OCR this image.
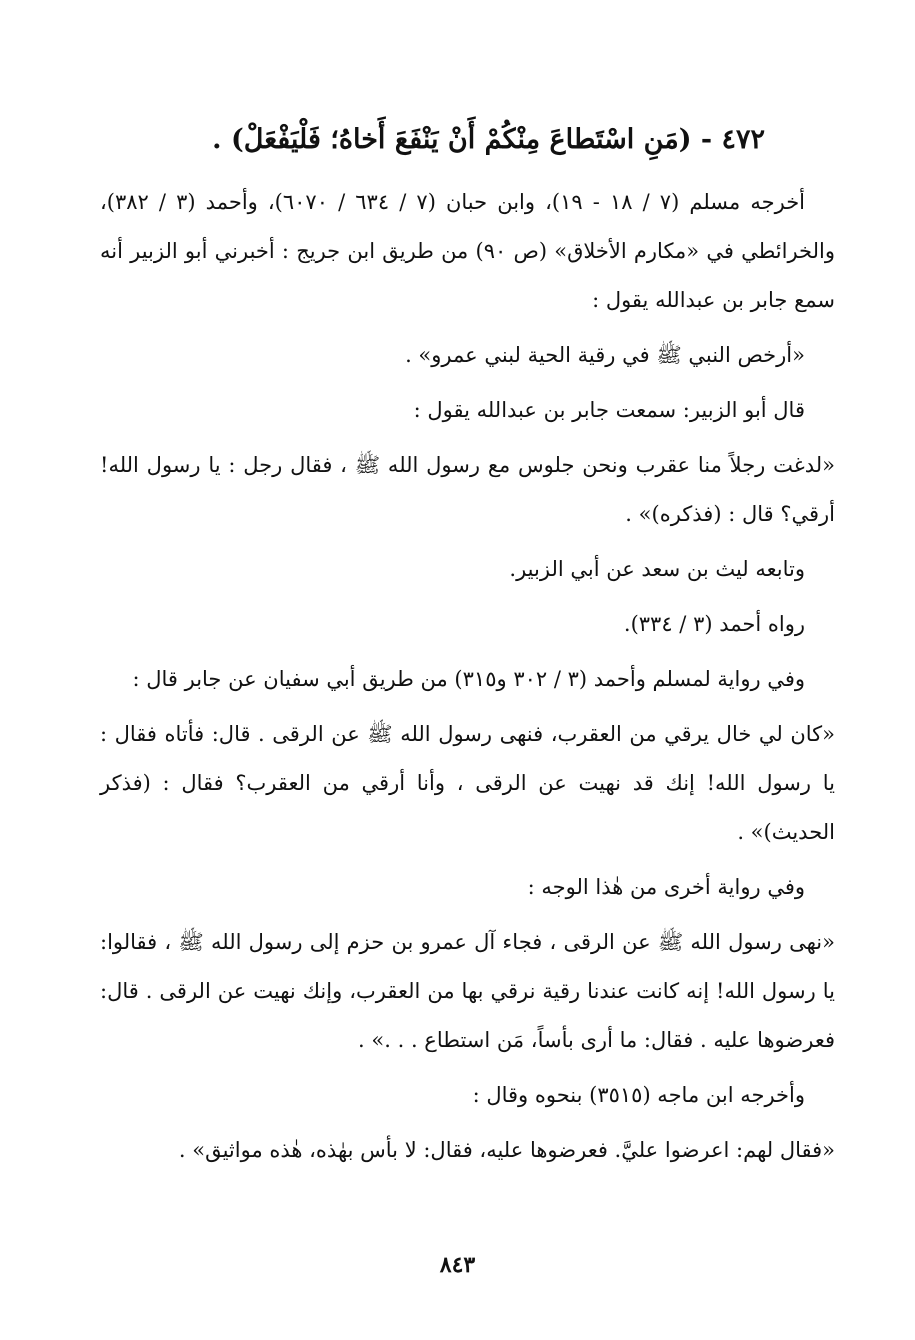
٤٧٢ - (مَنِ اسْتَطاعَ مِنْكُمْ أَنْ يَنْفَعَ أَخاهُ؛ فَلْيَفْعَلْ) .

أخرجه مسلم (٧ / ١٨ - ١٩)، وابن حبان (٧ / ٦٣٤ / ٦٠٧٠)، وأحمد (٣ / ٣٨٢)، والخرائطي في «مكارم الأخلاق» (ص ٩٠) من طريق ابن جريج : أخبرني أبو الزبير أنه سمع جابر بن عبدالله يقول :

«أرخص النبي ﷺ في رقية الحية لبني عمرو» .

قال أبو الزبير: سمعت جابر بن عبدالله يقول :

«لدغت رجلاً منا عقرب ونحن جلوس مع رسول الله ﷺ ، فقال رجل : يا رسول الله! أرقي؟ قال : (فذكره)» .

وتابعه ليث بن سعد عن أبي الزبير.

رواه أحمد (٣ / ٣٣٤).

وفي رواية لمسلم وأحمد (٣ / ٣٠٢ و٣١٥) من طريق أبي سفيان عن جابر قال :

«كان لي خال يرقي من العقرب، فنهى رسول الله ﷺ عن الرقى . قال: فأتاه فقال : يا رسول الله! إنك قد نهيت عن الرقى ، وأنا أرقي من العقرب؟ فقال : (فذكر الحديث)» .

وفي رواية أخرى من هٰذا الوجه :

«نهى رسول الله ﷺ عن الرقى ، فجاء آل عمرو بن حزم إلى رسول الله ﷺ ، فقالوا: يا رسول الله! إنه كانت عندنا رقية نرقي بها من العقرب، وإنك نهيت عن الرقى . قال: فعرضوها عليه . فقال: ما أرى بأساً، مَن استطاع . . .» .

وأخرجه ابن ماجه (٣٥١٥) بنحوه وقال :

«فقال لهم: اعرضوا عليَّ. فعرضوها عليه، فقال: لا بأس بهٰذه، هٰذه مواثيق» .

٨٤٣
